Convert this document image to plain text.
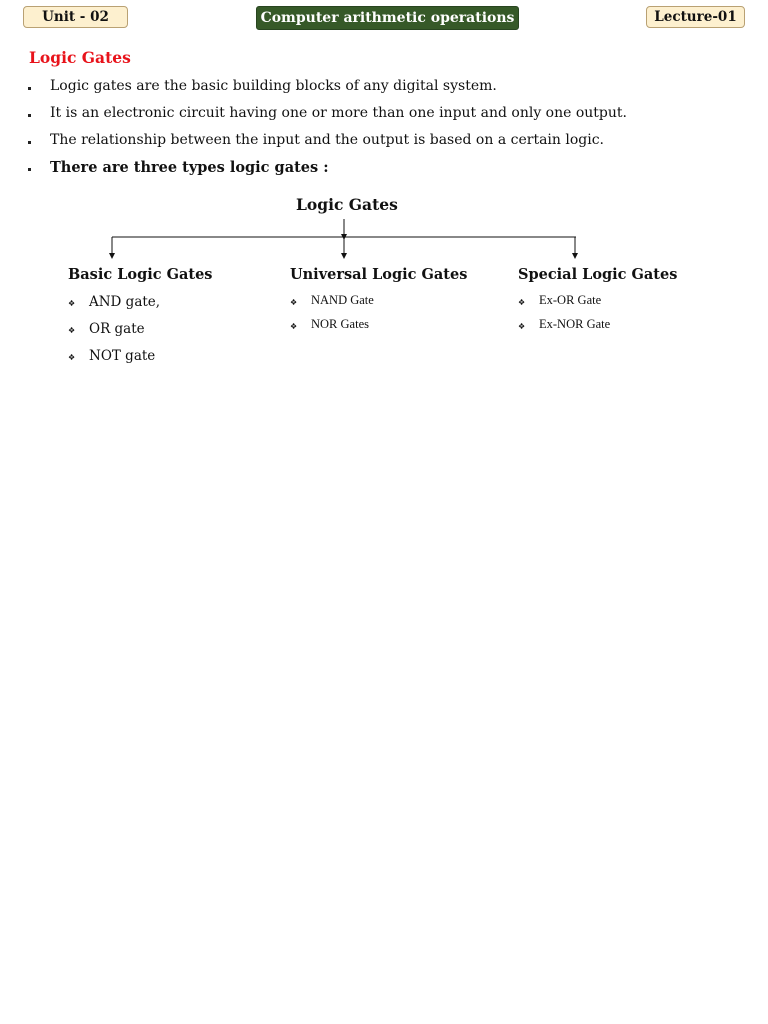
Unit - 02	Computer arithmetic operations	Lecture-01
Logic Gates
Logic gates are the basic building blocks of any digital system.
It is an electronic circuit having one or more than one input and only one output.
The relationship between the input and the output is based on a certain logic.
There are three types logic gates :
Logic Gates
Basic Logic Gates	Universal Logic Gates	Special Logic Gates
❖ AND gate,
❖ OR gate
❖ NOT gate
❖ NAND Gate
❖ NOR Gates
❖ Ex-OR Gate
❖ Ex-NOR Gate
